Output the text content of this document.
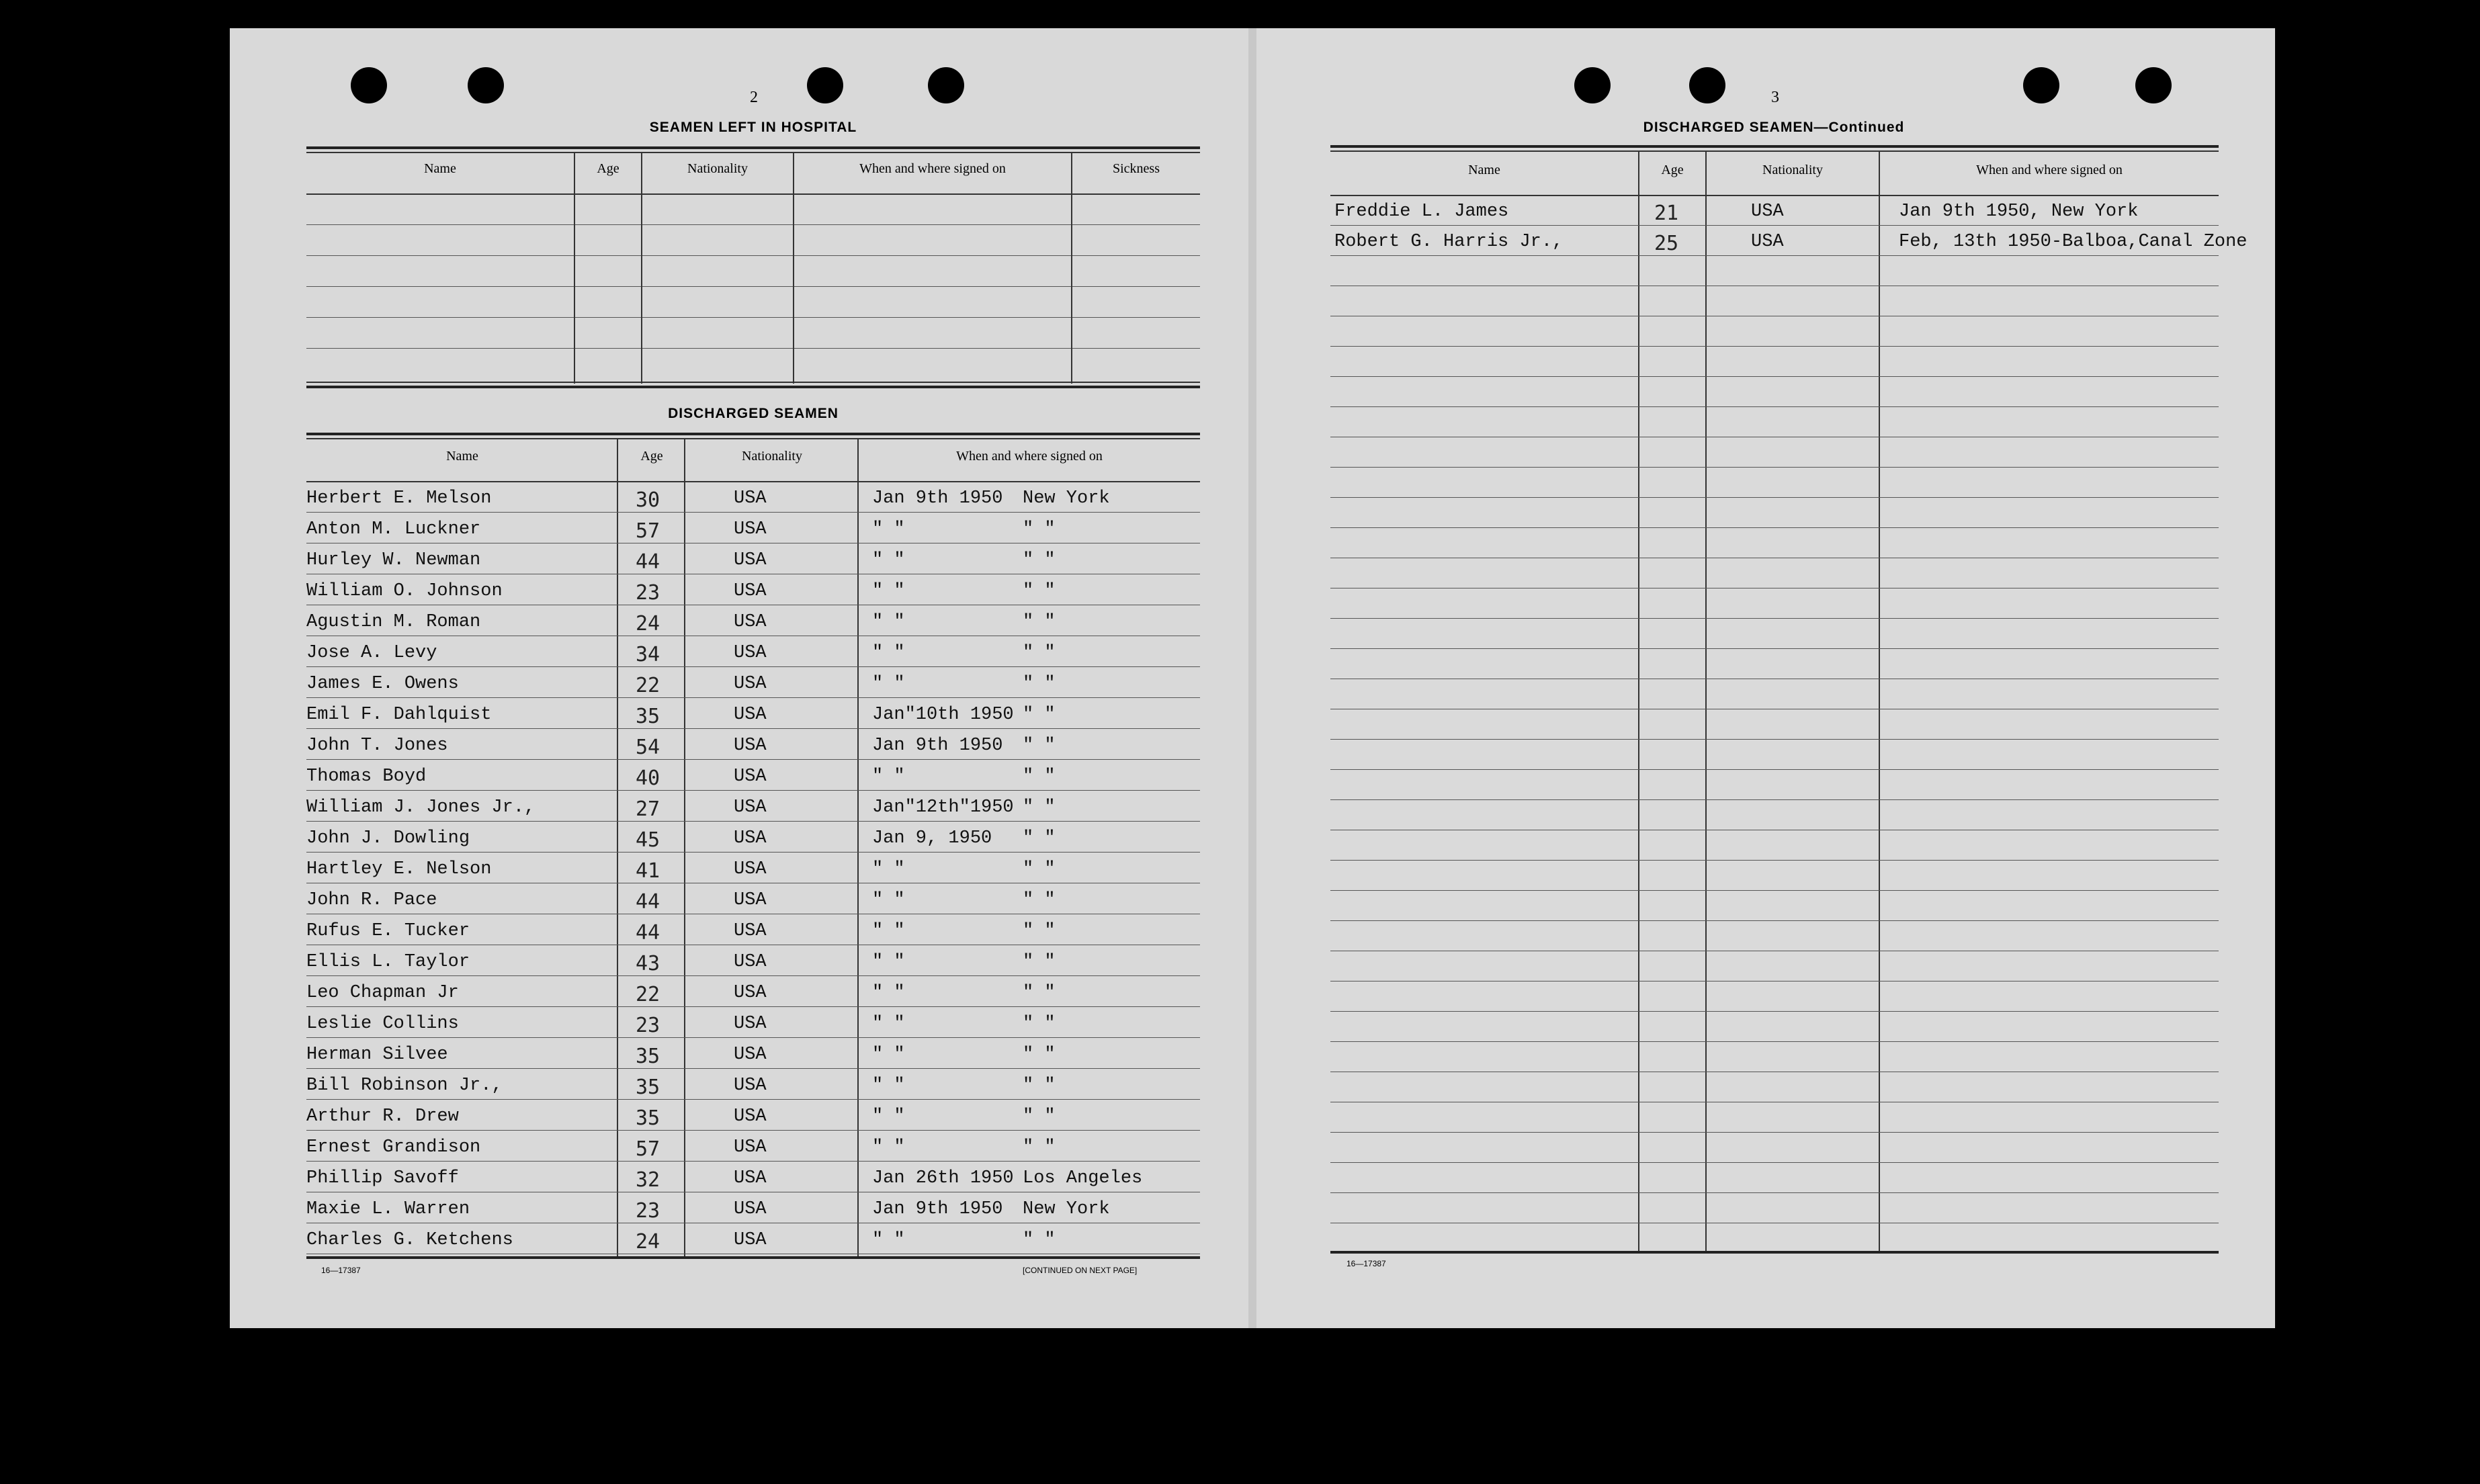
2
SEAMEN LEFT IN HOSPITAL
Name	Age	Nationality	When and where signed on	Sickness
DISCHARGED SEAMEN
Name	Age	Nationality	When and where signed on
Herbert E. Melson	30	USA	Jan 9th 1950 New York
Anton M. Luckner	57	USA	" "	" "
Hurley W. Newman	44	USA	" "	" "
William O. Johnson	23	USA	" "	" "
Agustin M. Roman	24	USA	" "	" "
Jose A. Levy	34	USA	" "	" "
James E. Owens	22	USA	" "	" "
Emil F. Dahlquist	35	USA	Jan"10th 1950 " "
John T. Jones	54	USA	Jan 9th 1950 " "
Thomas Boyd	40	USA	" "	" "
William J. Jones Jr.,	27	USA	Jan"12th"1950 " "
John J. Dowling	45	USA	Jan 9, 1950 " "
Hartley E. Nelson	41	USA	" "	" "
John R. Pace	44	USA	" "	" "
Rufus E. Tucker	44	USA	" "	" "
Ellis L. Taylor	43	USA	" "	" "
Leo Chapman Jr	22	USA	" "	" "
Leslie Collins	23	USA	" "	" "
Herman Silvee	35	USA	" "	" "
Bill Robinson Jr.,	35	USA	" "	" "
Arthur R. Drew	35	USA	" "	" "
Ernest Grandison	57	USA	" "	" "
Phillip Savoff	32	USA	Jan 26th 1950 Los Angeles
Maxie L. Warren	23	USA	Jan 9th 1950 New York
Charles G. Ketchens	24	USA	" "	" "
16—17387	[CONTINUED ON NEXT PAGE]
3
DISCHARGED SEAMEN—Continued
Name	Age	Nationality	When and where signed on
Freddie L. James	21	USA	Jan 9th 1950, New York
Robert G. Harris Jr.,	25	USA	Feb, 13th 1950-Balboa,Canal Zone
16—17387
